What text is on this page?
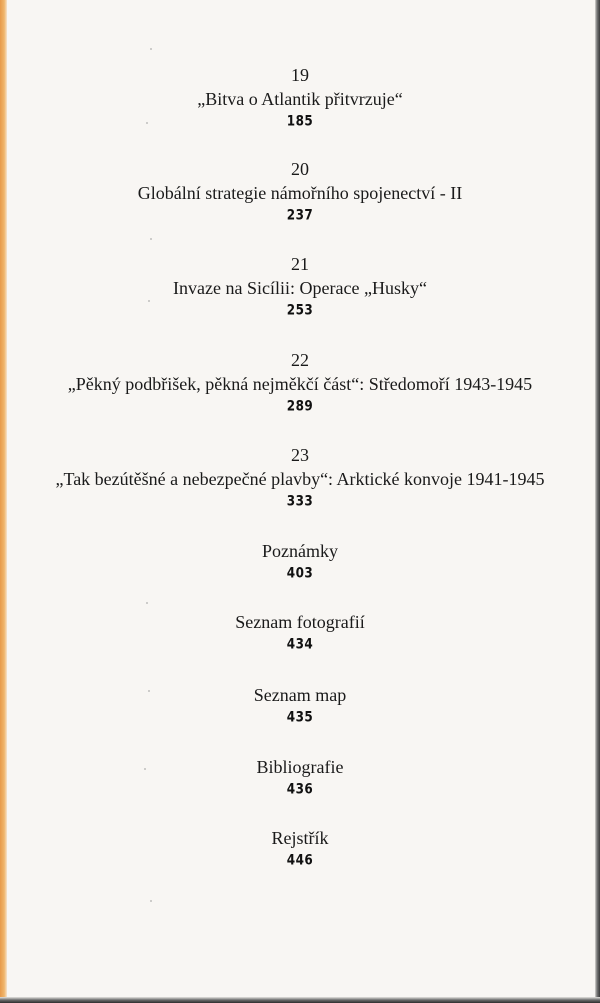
19
„Bitva o Atlantik přitvrzuje“
185
20
Globální strategie námořního spojenectví - II
237
21
Invaze na Sicílii: Operace „Husky“
253
22
„Pěkný podbřišek, pěkná nejměkčí část“: Středomoří 1943-1945
289
23
„Tak bezútěšné a nebezpečné plavby“: Arktické konvoje 1941-1945
333
Poznámky
403
Seznam fotografií
434
Seznam map
435
Bibliografie
436
Rejstřík
446
